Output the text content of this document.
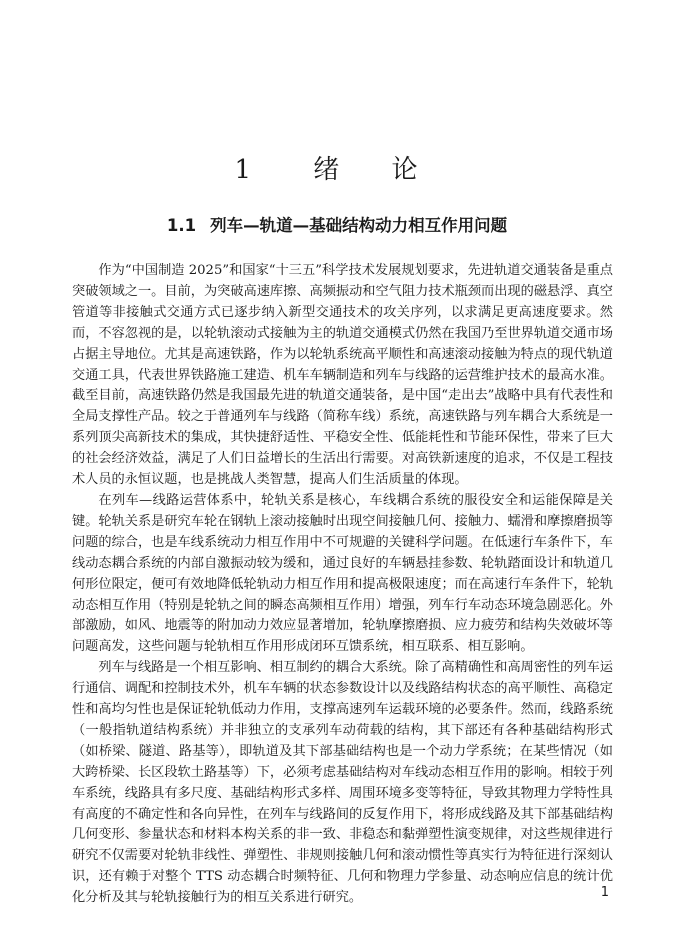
1 绪 论
1.1 列车—轨道—基础结构动力相互作用问题

作为“中国制造 2025”和国家“十三五”科学技术发展规划要求，先进轨道交通装备是重点突破领域之一。目前，为突破高速库擦、高频振动和空气阻力技术瓶颈而出现的磁悬浮、真空管道等非接触式交通方式已逐步纳入新型交通技术的攻关序列，以求满足更高速度要求。然而，不容忽视的是，以轮轨滚动式接触为主的轨道交通模式仍然在我国乃至世界轨道交通市场占据主导地位。尤其是高速铁路，作为以轮轨系统高平顺性和高速滚动接触为特点的现代轨道交通工具，代表世界铁路施工建造、机车车辆制造和列车与线路的运营维护技术的最高水准。截至目前，高速铁路仍然是我国最先进的轨道交通装备，是中国“走出去”战略中具有代表性和全局支撑性产品。较之于普通列车与线路（简称车线）系统，高速铁路与列车耦合大系统是一系列顶尖高新技术的集成，其快捷舒适性、平稳安全性、低能耗性和节能环保性，带来了巨大的社会经济效益，满足了人们日益增长的生活出行需要。对高铁新速度的追求，不仅是工程技术人员的永恒议题，也是挑战人类智慧，提高人们生活质量的体现。

在列车—线路运营体系中，轮轨关系是核心，车线耦合系统的服役安全和运能保障是关键。轮轨关系是研究车轮在钢轨上滚动接触时出现空间接触几何、接触力、蠕滑和摩擦磨损等问题的综合，也是车线系统动力相互作用中不可规避的关键科学问题。在低速行车条件下，车线动态耦合系统的内部自激振动较为缓和，通过良好的车辆悬挂参数、轮轨踏面设计和轨道几何形位限定，便可有效地降低轮轨动力相互作用和提高极限速度；而在高速行车条件下，轮轨动态相互作用（特别是轮轨之间的瞬态高频相互作用）增强，列车行车动态环境急剧恶化。外部激励，如风、地震等的附加动力效应显著增加，轮轨摩擦磨损、应力疲劳和结构失效破坏等问题高发，这些问题与轮轨相互作用形成闭环互馈系统，相互联系、相互影响。

列车与线路是一个相互影响、相互制约的耦合大系统。除了高精确性和高周密性的列车运行通信、调配和控制技术外，机车车辆的状态参数设计以及线路结构状态的高平顺性、高稳定性和高均匀性也是保证轮轨低动力作用，支撑高速列车运载环境的必要条件。然而，线路系统（一般指轨道结构系统）并非独立的支承列车动荷载的结构，其下部还有各种基础结构形式（如桥梁、隧道、路基等），即轨道及其下部基础结构也是一个动力学系统；在某些情况（如大跨桥梁、长区段软土路基等）下，必须考虑基础结构对车线动态相互作用的影响。相较于列车系统，线路具有多尺度、基础结构形式多样、周围环境多变等特征，导致其物理力学特性具有高度的不确定性和各向异性，在列车与线路间的反复作用下，将形成线路及其下部基础结构几何变形、参量状态和材料本构关系的非一致、非稳态和黏弹塑性演变规律，对这些规律进行研究不仅需要对轮轨非线性、弹塑性、非规则接触几何和滚动惯性等真实行为特征进行深刻认识，还有赖于对整个 TTS 动态耦合时频特征、几何和物理力学参量、动态响应信息的统计优化分析及其与轮轨接触行为的相互关系进行研究。	1
